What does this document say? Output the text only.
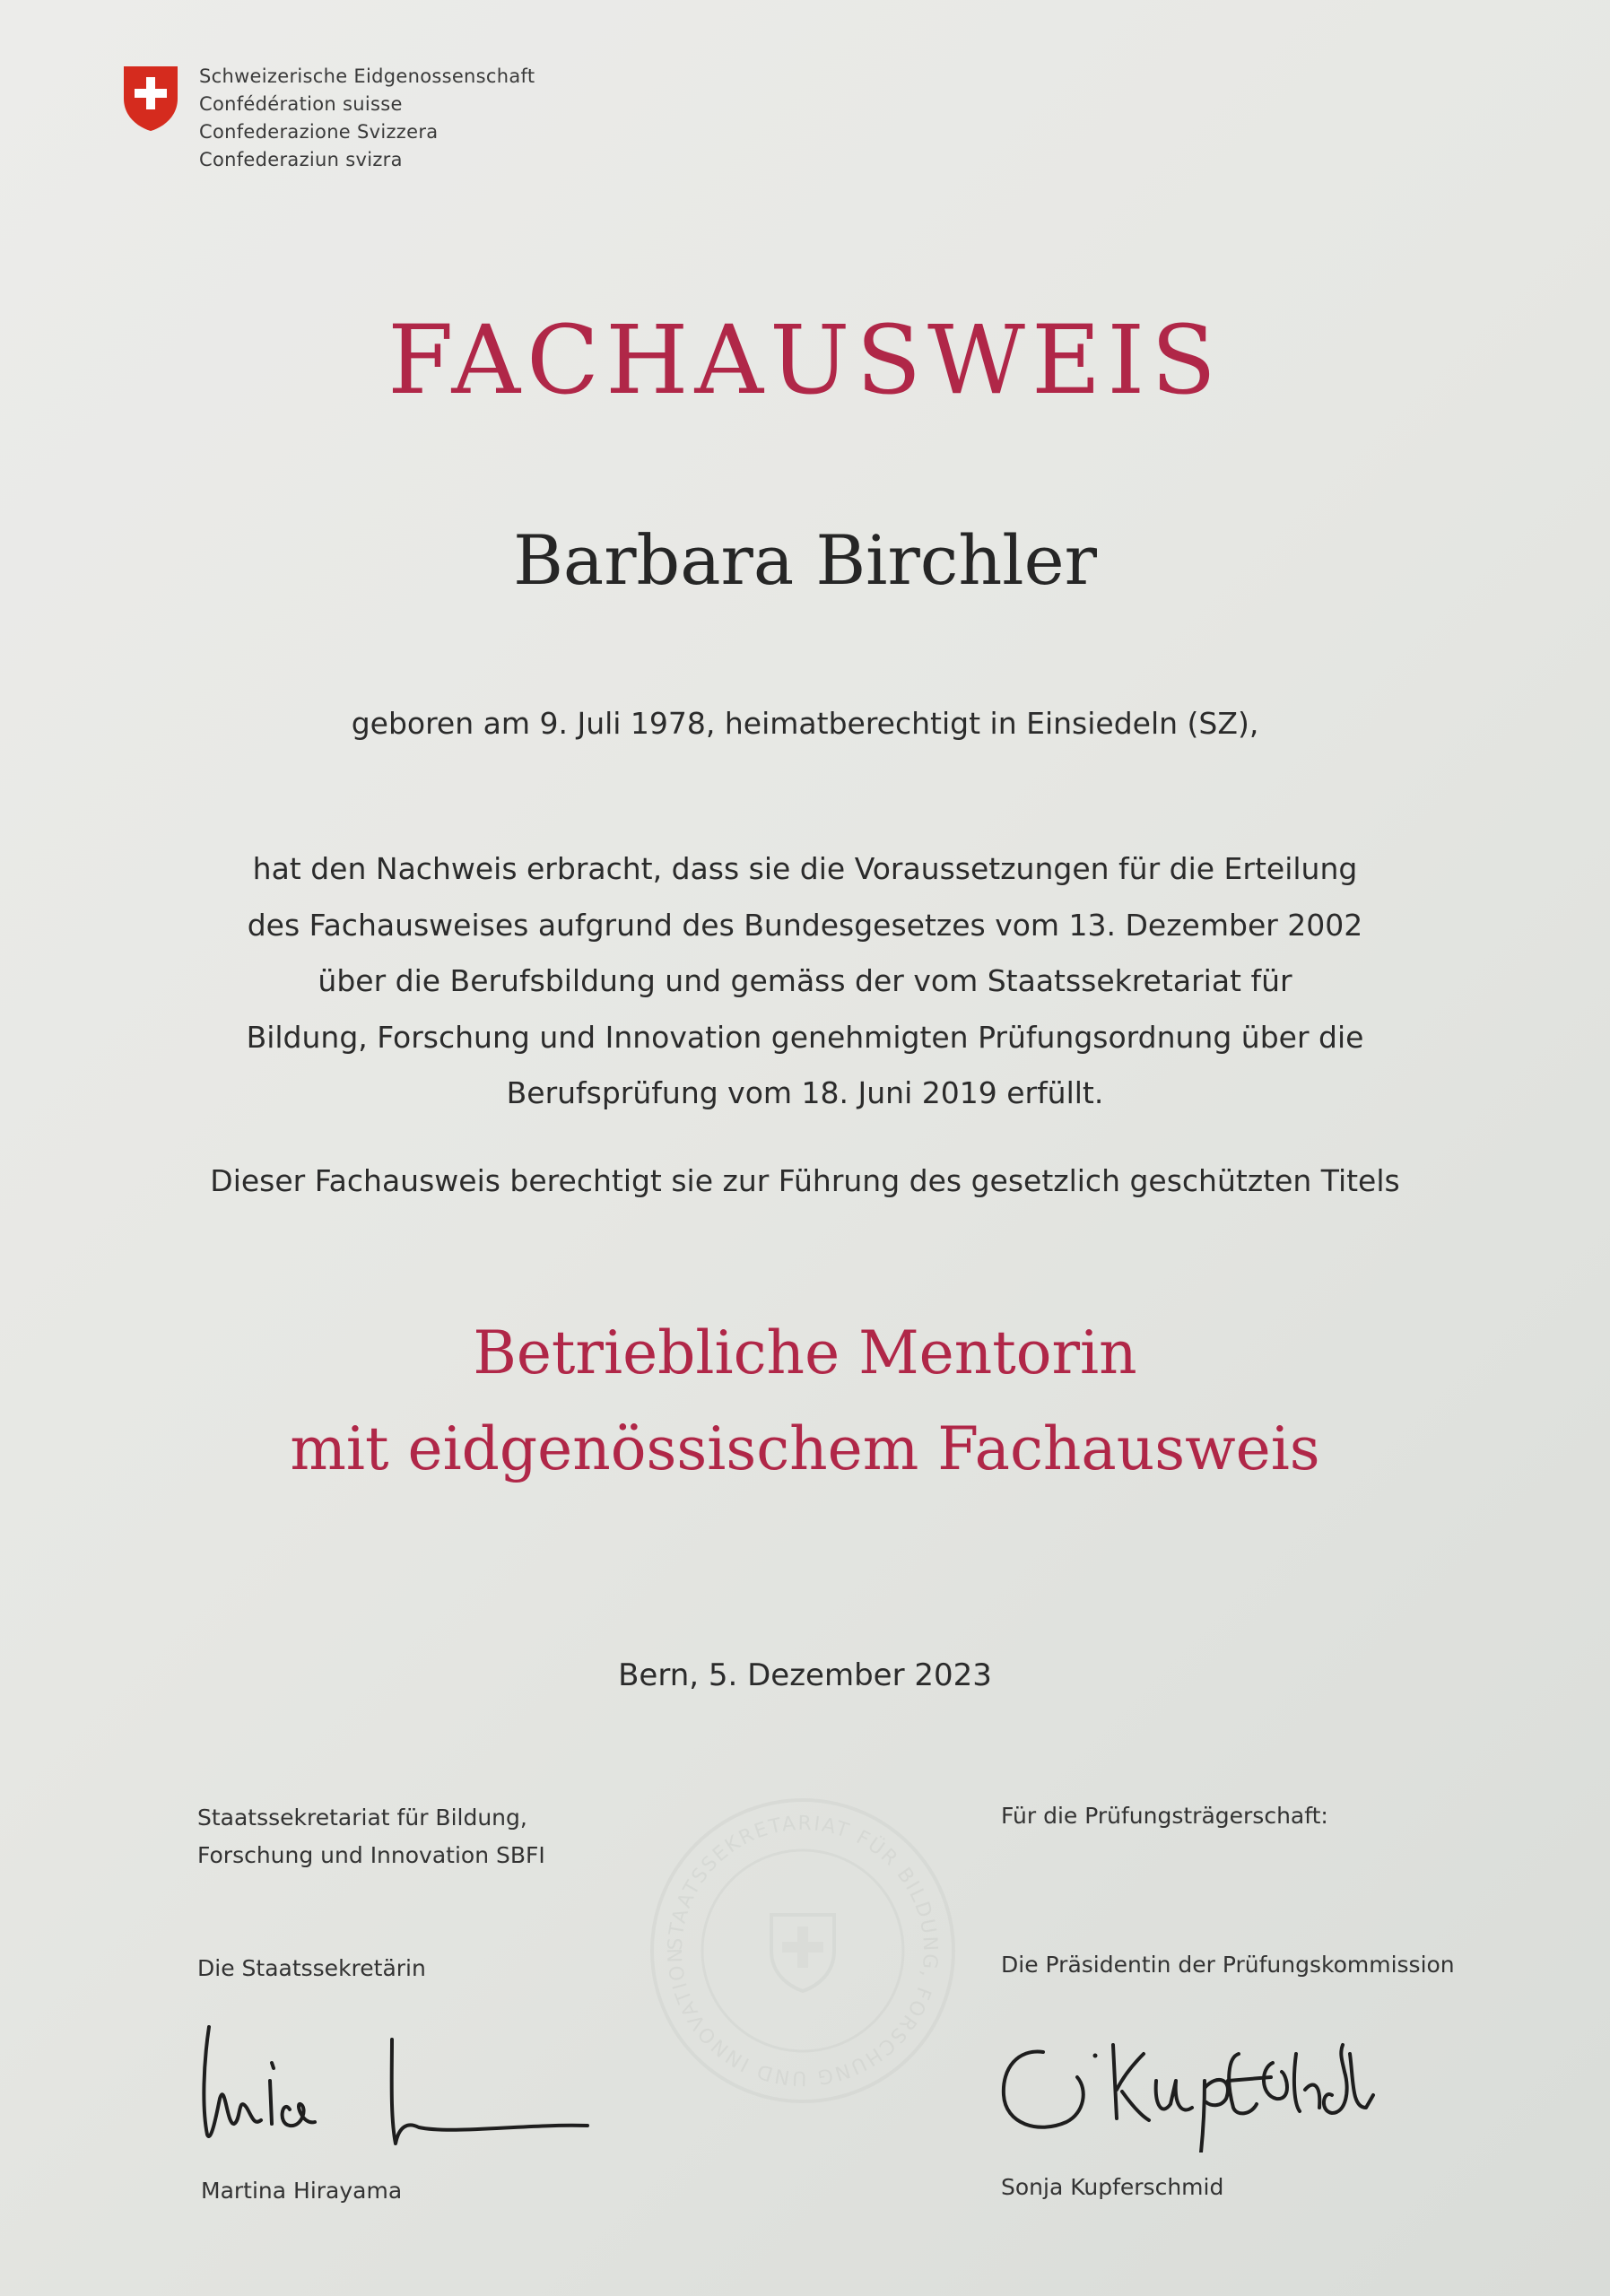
Schweizerische Eidgenossenschaft
Confédération suisse
Confederazione Svizzera
Confederaziun svizra
FACHAUSWEIS
Barbara Birchler
geboren am 9. Juli 1978, heimatberechtigt in Einsiedeln (SZ),
hat den Nachweis erbracht, dass sie die Voraussetzungen für die Erteilung
des Fachausweises aufgrund des Bundesgesetzes vom 13. Dezember 2002
über die Berufsbildung und gemäss der vom Staatssekretariat für
Bildung, Forschung und Innovation genehmigten Prüfungsordnung über die
Berufsprüfung vom 18. Juni 2019 erfüllt.
Dieser Fachausweis berechtigt sie zur Führung des gesetzlich geschützten Titels
Betriebliche Mentorin
mit eidgenössischem Fachausweis
Bern, 5. Dezember 2023
STAATSSEKRETARIAT FÜR BILDUNG, FORSCHUNG UND INNOVATION
Staatssekretariat für Bildung,
Forschung und Innovation SBFI
Für die Prüfungsträgerschaft:
Die Staatssekretärin	Die Präsidentin der Prüfungskommission
Martina Hirayama	Sonja Kupferschmid
